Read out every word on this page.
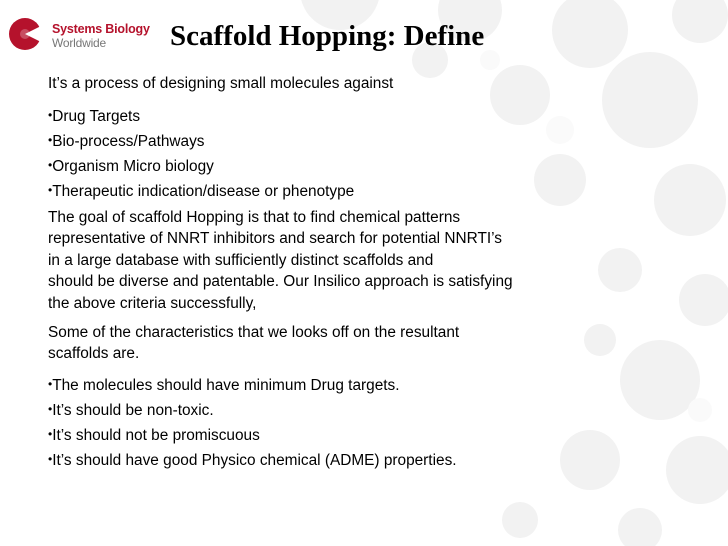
Systems Biology
Worldwide Scaffold Hopping: Define

It’s a process of designing small molecules against

•Drug Targets
•Bio-process/Pathways
•Organism Micro biology
•Therapeutic indication/disease or phenotype

The goal of scaffold Hopping is that to find chemical patterns
representative of NNRT inhibitors and search for potential NNRTI’s
in a large database with sufficiently distinct scaffolds and
should be diverse and patentable. Our Insilico approach is satisfying
the above criteria successfully,

Some of the characteristics that we looks off on the resultant
scaffolds are.

•The molecules should have minimum Drug targets.
•It’s should be non-toxic.
•It’s should not be promiscuous
•It’s should have good Physico chemical (ADME) properties.
